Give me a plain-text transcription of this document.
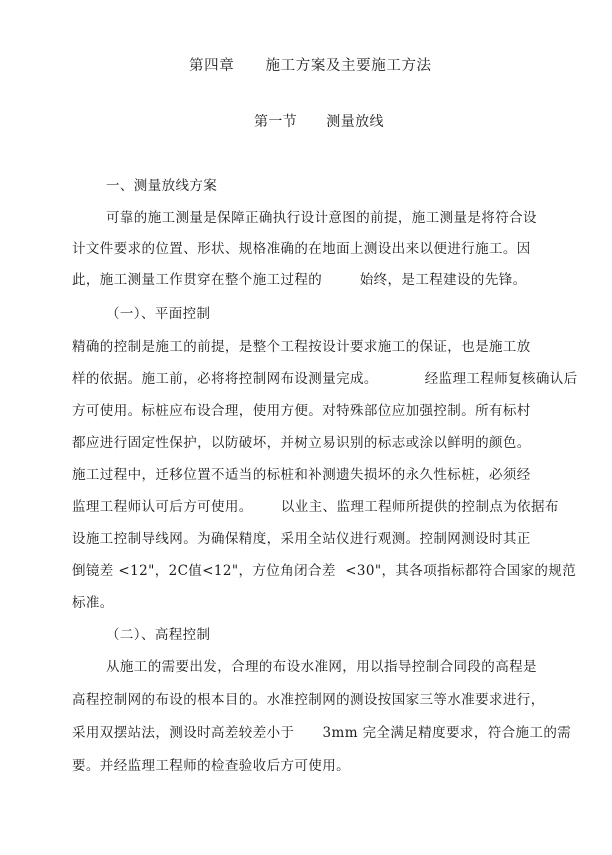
第四章      施工方案及主要施工方法
第一节      测量放线
一、测量放线方案
可靠的施工测量是保障正确执行设计意图的前提，施工测量是将符合设
计文件要求的位置、形状、规格准确的在地面上测设出来以便进行施工。因
此，施工测量工作贯穿在整个施工过程的        始终，是工程建设的先锋。
（一）、平面控制
精确的控制是施工的前提，是整个工程按设计要求施工的保证，也是施工放
样的依据。施工前，必将将控制网布设测量完成。          经监理工程师复核确认后
方可使用。标桩应布设合理，使用方便。对特殊部位应加强控制。所有标村
都应进行固定性保护，以防破坏，并树立易识别的标志或涂以鲜明的颜色。
施工过程中，迁移位置不适当的标桩和补测遗失损坏的永久性标桩，必须经
监理工程师认可后方可使用。      以业主、监理工程师所提供的控制点为依据布
设施工控制导线网。为确保精度，采用全站仪进行观测。控制网测设时其正
倒镜差 <12"，2C值<12"，方位角闭合差  <30"，其各项指标都符合国家的规范
标准。
（二）、高程控制
从施工的需要出发，合理的布设水准网，用以指导控制合同段的高程是
高程控制网的布设的根本目的。水准控制网的测设按国家三等水准要求进行，
采用双摆站法，测设时高差较差小于      3mm 完全满足精度要求，符合施工的需
要。并经监理工程师的检查验收后方可使用。
